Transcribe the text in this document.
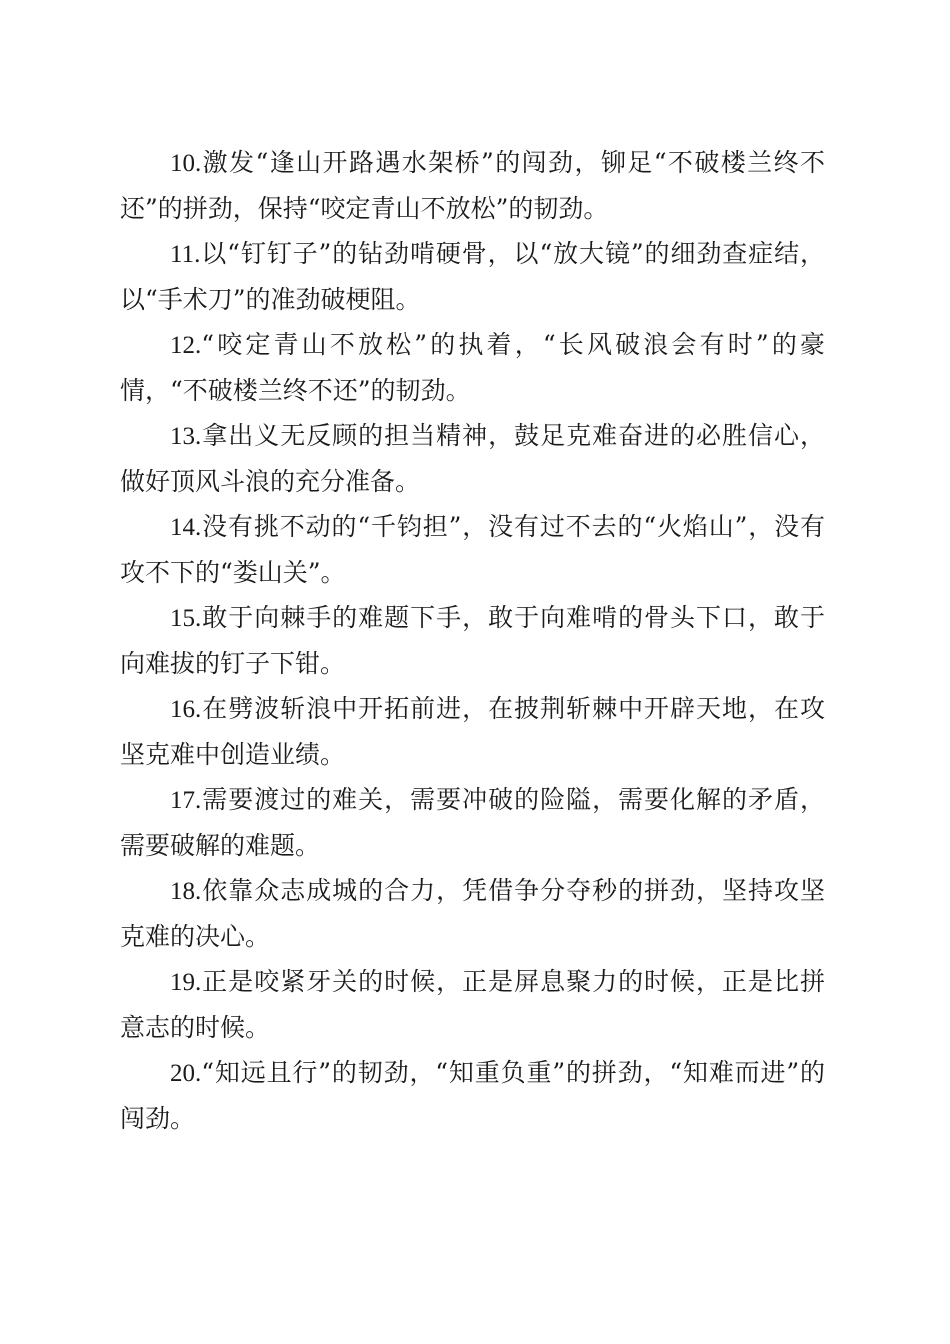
10.激发“逢山开路遇水架桥”的闯劲，铆足“不破楼兰终不还”的拼劲，保持“咬定青山不放松”的韧劲。

11.以“钉钉子”的钻劲啃硬骨，以“放大镜”的细劲查症结，以“手术刀”的准劲破梗阻。

12.“咬定青山不放松”的执着，“长风破浪会有时”的豪情，“不破楼兰终不还”的韧劲。

13.拿出义无反顾的担当精神，鼓足克难奋进的必胜信心，做好顶风斗浪的充分准备。

14.没有挑不动的“千钧担”，没有过不去的“火焰山”，没有攻不下的“娄山关”。

15.敢于向棘手的难题下手，敢于向难啃的骨头下口，敢于向难拔的钉子下钳。

16.在劈波斩浪中开拓前进，在披荆斩棘中开辟天地，在攻坚克难中创造业绩。

17.需要渡过的难关，需要冲破的险隘，需要化解的矛盾，需要破解的难题。

18.依靠众志成城的合力，凭借争分夺秒的拼劲，坚持攻坚克难的决心。

19.正是咬紧牙关的时候，正是屏息聚力的时候，正是比拼意志的时候。

20.“知远且行”的韧劲，“知重负重”的拼劲，“知难而进”的闯劲。
